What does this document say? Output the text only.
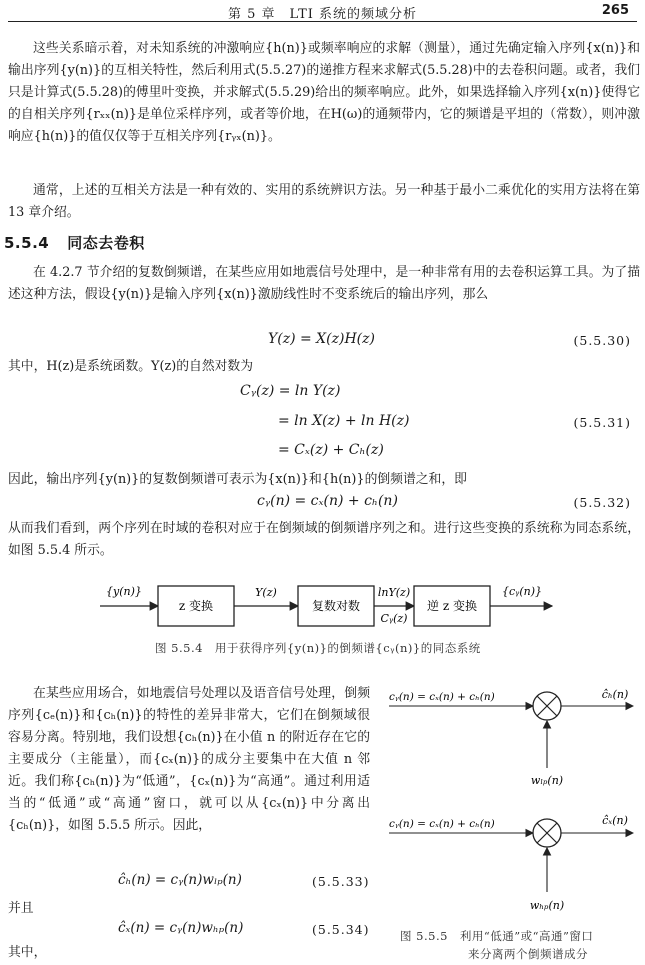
第 5 章　LTI 系统的频域分析	265

这些关系暗示着，对未知系统的冲激响应{h(n)}或频率响应的求解（测量），通过先确定输入序列{x(n)}和输出序列{y(n)}的互相关特性，然后利用式(5.5.27)的递推方程来求解式(5.5.28)中的去卷积问题。或者，我们只是计算式(5.5.28)的傅里叶变换，并求解式(5.5.29)给出的频率响应。此外，如果选择输入序列{x(n)}使得它的自相关序列{rₓₓ(n)}是单位采样序列，或者等价地，在H(ω)的通频带内，它的频谱是平坦的（常数），则冲激响应{h(n)}的值仅仅等于互相关序列{rᵧₓ(n)}。

通常，上述的互相关方法是一种有效的、实用的系统辨识方法。另一种基于最小二乘优化的实用方法将在第 13 章介绍。

5.5.4 同态去卷积

在 4.2.7 节介绍的复数倒频谱，在某些应用如地震信号处理中，是一种非常有用的去卷积运算工具。为了描述这种方法，假设{y(n)}是输入序列{x(n)}激励线性时不变系统后的输出序列，那么

Y(z) = X(z)H(z)	(5.5.30)

其中，H(z)是系统函数。Y(z)的自然对数为

Cᵧ(z) = ln Y(z)
= ln X(z) + ln H(z)
= Cₓ(z) + Cₕ(z)
(5.5.31)

因此，输出序列{y(n)}的复数倒频谱可表示为{x(n)}和{h(n)}的倒频谱之和，即

cᵧ(n) = cₓ(n) + cₕ(n)	(5.5.32)

从而我们看到，两个序列在时域的卷积对应于在倒频域的倒频谱序列之和。进行这些变换的系统称为同态系统，如图 5.5.4 所示。

{y(n)}
z 变换
Y(z)
复数对数
lnY(z)
Cᵧ(z)
逆 z 变换
{cᵧ(n)}
图 5.5.4　用于获得序列{y(n)}的倒频谱{cᵧ(n)}的同态系统

在某些应用场合，如地震信号处理以及语音信号处理，倒频序列{cₑ(n)}和{cₕ(n)}的特性的差异非常大，它们在倒频域很容易分离。特别地，我们设想{cₕ(n)}在小值 n 的附近存在它的主要成分（主能量），而{cₓ(n)}的成分主要集中在大值 n 邻近。我们称{cₕ(n)}为“低通”，{cₓ(n)}为“高通”。通过利用适当的“低通”或“高通”窗口，就可以从{cₓ(n)}中分离出{cₕ(n)}，如图 5.5.5 所示。因此，

ĉₕ(n) = cᵧ(n)wₗₚ(n)	(5.5.33)

并且

ĉₓ(n) = cᵧ(n)wₕₚ(n)	(5.5.34)

其中，

cᵧ(n) = cₓ(n) + cₕ(n)	ĉₕ(n)
wₗₚ(n)
cᵧ(n) = cₓ(n) + cₕ(n)	ĉₓ(n)
wₕₚ(n)
图 5.5.5　利用“低通”或“高通”窗口
来分离两个倒频谱成分
